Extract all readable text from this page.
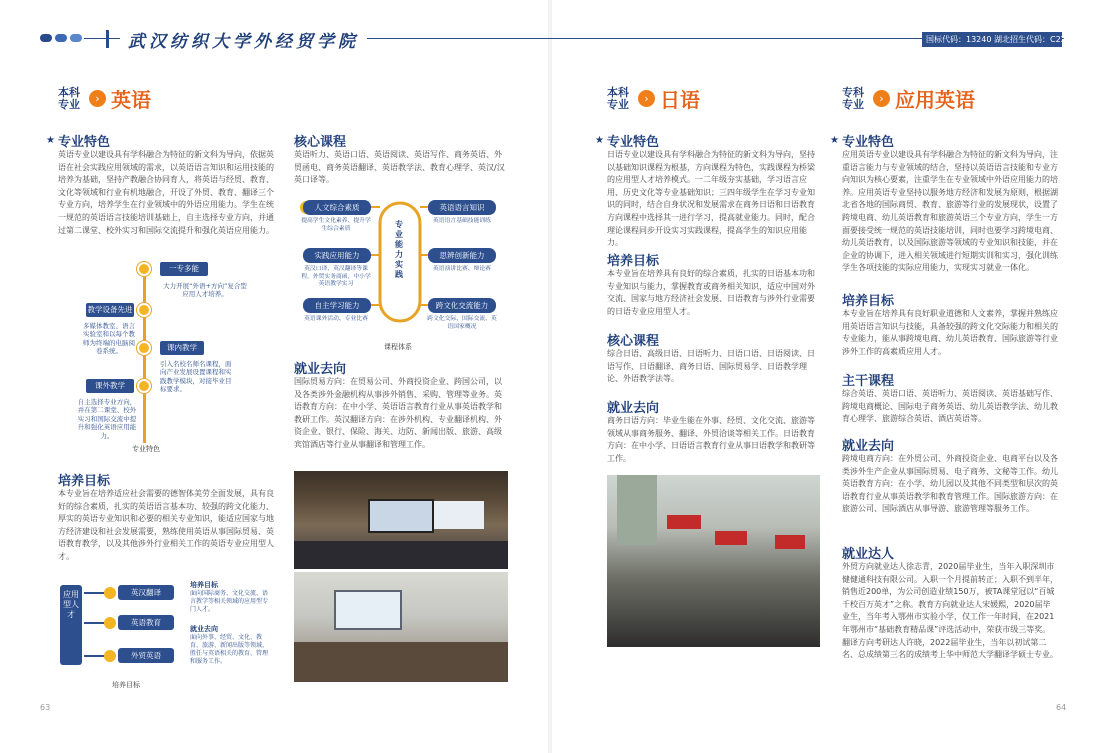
武汉纺织大学外经贸学院	国标代码：13240 湖北招生代码：C228
本科专业	› 英语
★ 专业特色
英语专业以建设具有学科融合为特征的新文科为导向，依据英语在社会实践应用领域的需求，以英语语言知识和运用技能的培养为基础，坚持产教融合协同育人，将英语与经贸、教育、文化等领域和行业有机地融合，开设了外贸、教育、翻译三个专业方向，培养学生在行业领域中的外语应用能力。学生在统一规范的英语语言技能培训基础上，自主选择专业方向，并通过第二课堂、校外实习和国际交流提升和强化英语应用能力。
一专多能
大力开展“外语+方向”复合型应用人才培养。
教学设备先进
多媒体教室、语言实验室和以每个教师为终端的电脑阅卷系统。	课内教学
引入名校名师名课程，面向产业发展设置课程和实践教学模块，对接毕业目标要求。
课外教学
自主选择专业方向，并在第二课堂、校外实习和国际交流中提升和强化英语应用能力。
专业特色
培养目标
本专业旨在培养适应社会需要的德智体美劳全面发展，具有良好的综合素质，扎实的英语语言基本功、较强的跨文化能力、厚实的英语专业知识和必要的相关专业知识，能适应国家与地方经济建设和社会发展需要，熟练使用英语从事国际贸易、英语教育教学，以及其他涉外行业相关工作的英语专业应用型人才。
应用型人才
英汉翻译
英语教育
外贸英语
培养目标
面向国际商务、文化交流、语言教学等相关领域的应用型专门人才。
就业去向
面向外事、经贸、文化、教育、旅游、新闻出版等领域，胜任与英语相关的教育、管理和服务工作。
培养目标
核心课程
英语听力、英语口语、英语阅读、英语写作、商务英语、外贸函电、商务英语翻译、英语教学法、教育心理学、英汉/汉英口译等。
专业能力实践
人文综合素质
提高学生文化素养、提升学生综合素质
实践应用能力
英汉口译、英汉翻译等课程，外贸实务商函，中小学英语教学实习
自主学习能力
英语课外活动、专业比赛
英语语言知识
英语语言基础技能训练
思辨创新能力
英语演讲比赛、辩论赛
跨文化交流能力
跨文化交际、国际交流、英语国家概况
课程体系
就业去向
国际贸易方向：在贸易公司、外商投资企业、跨国公司，以及各类涉外金融机构从事涉外销售、采购、管理等业务。英语教育方向：在中小学、英语语言教育行业从事英语教学和教研工作。英汉翻译方向：在涉外机构、专业翻译机构、外资企业、银行、保险、海关、边防、新闻出版、旅游、高级宾馆酒店等行业从事翻译和管理工作。
63
本科专业	› 日语
★ 专业特色
日语专业以建设具有学科融合为特征的新文科为导向，坚持以基础知识课程为根基，方向课程为特色，实践课程为桥梁的应用型人才培养模式。一二年级夯实基础，学习语言应用、历史文化等专业基础知识；三四年级学生在学习专业知识的同时，结合自身状况和发展需求在商务日语和日语教育方向课程中选择其一进行学习，提高就业能力。同时，配合理论课程同步开设实习实践课程，提高学生的知识应用能力。
培养目标
本专业旨在培养具有良好的综合素质，扎实的日语基本功和专业知识与能力，掌握教育或商务相关知识，适应中国对外交流、国家与地方经济社会发展、日语教育与涉外行业需要的日语专业应用型人才。
核心课程
综合日语、高级日语、日语听力、日语口语、日语阅读、日语写作、日语翻译、商务日语、国际贸易学、日语教学理论、外语教学法等。
就业去向
商务日语方向：毕业生能在外事、经贸、文化交流、旅游等领域从事商务服务、翻译、外贸洽谈等相关工作。日语教育方向：在中小学、日语语言教育行业从事日语教学和教研等工作。
专科专业	› 应用英语
★ 专业特色
应用英语专业以建设具有学科融合为特征的新文科为导向，注重语言能力与专业领域的结合，坚持以英语语言技能和专业方向知识为核心要素，注重学生在专业领域中外语应用能力的培养。应用英语专业坚持以服务地方经济和发展为原则，根据湖北省各地的国际商贸、教育、旅游等行业的发展现状，设置了跨境电商、幼儿英语教育和旅游英语三个专业方向，学生一方面要接受统一规范的英语技能培训，同时也要学习跨境电商、幼儿英语教育，以及国际旅游等领域的专业知识和技能，并在企业的协调下，进入相关领域进行短期实训和实习，强化训练学生各项技能的实际应用能力，实现实习就业一体化。
培养目标
本专业旨在培养具有良好职业道德和人文素养，掌握并熟练应用英语语言知识与技能，具备较强的跨文化交际能力和相关的专业能力，能从事跨境电商、幼儿英语教育、国际旅游等行业涉外工作的高素质应用人才。
主干课程
综合英语、英语口语、英语听力、英语阅读、英语基础写作、跨境电商概论、国际电子商务英语、幼儿英语教学法、幼儿教育心理学、旅游综合英语、酒店英语等。
就业去向
跨境电商方向：在外贸公司、外商投资企业、电商平台以及各类涉外生产企业从事国际贸易、电子商务、文秘等工作。幼儿英语教育方向：在小学、幼儿园以及其他不同类型和层次的英语教育行业从事英语教学和教育管理工作。国际旅游方向：在旅游公司、国际酒店从事导游、旅游管理等服务工作。
就业达人
外贸方向就业达人徐志青，2020届毕业生，当年入职深圳市健健通科技有限公司。入职一个月提前转正；入职不到半年，销售近200单，为公司创造业绩150万，被TA课堂冠以“百城千校百万英才”之称。教育方向就业达人宋媛熙，2020届毕业生，当年考入鄂州市实验小学，仅工作一年时间，在2021年鄂州市“基础教育精品课”评选活动中，荣获市级三等奖。翻译方向考研达人许晓，2022届毕业生，当年以初试第二名、总成绩第三名的成绩考上华中师范大学翻译学硕士专业。
64
